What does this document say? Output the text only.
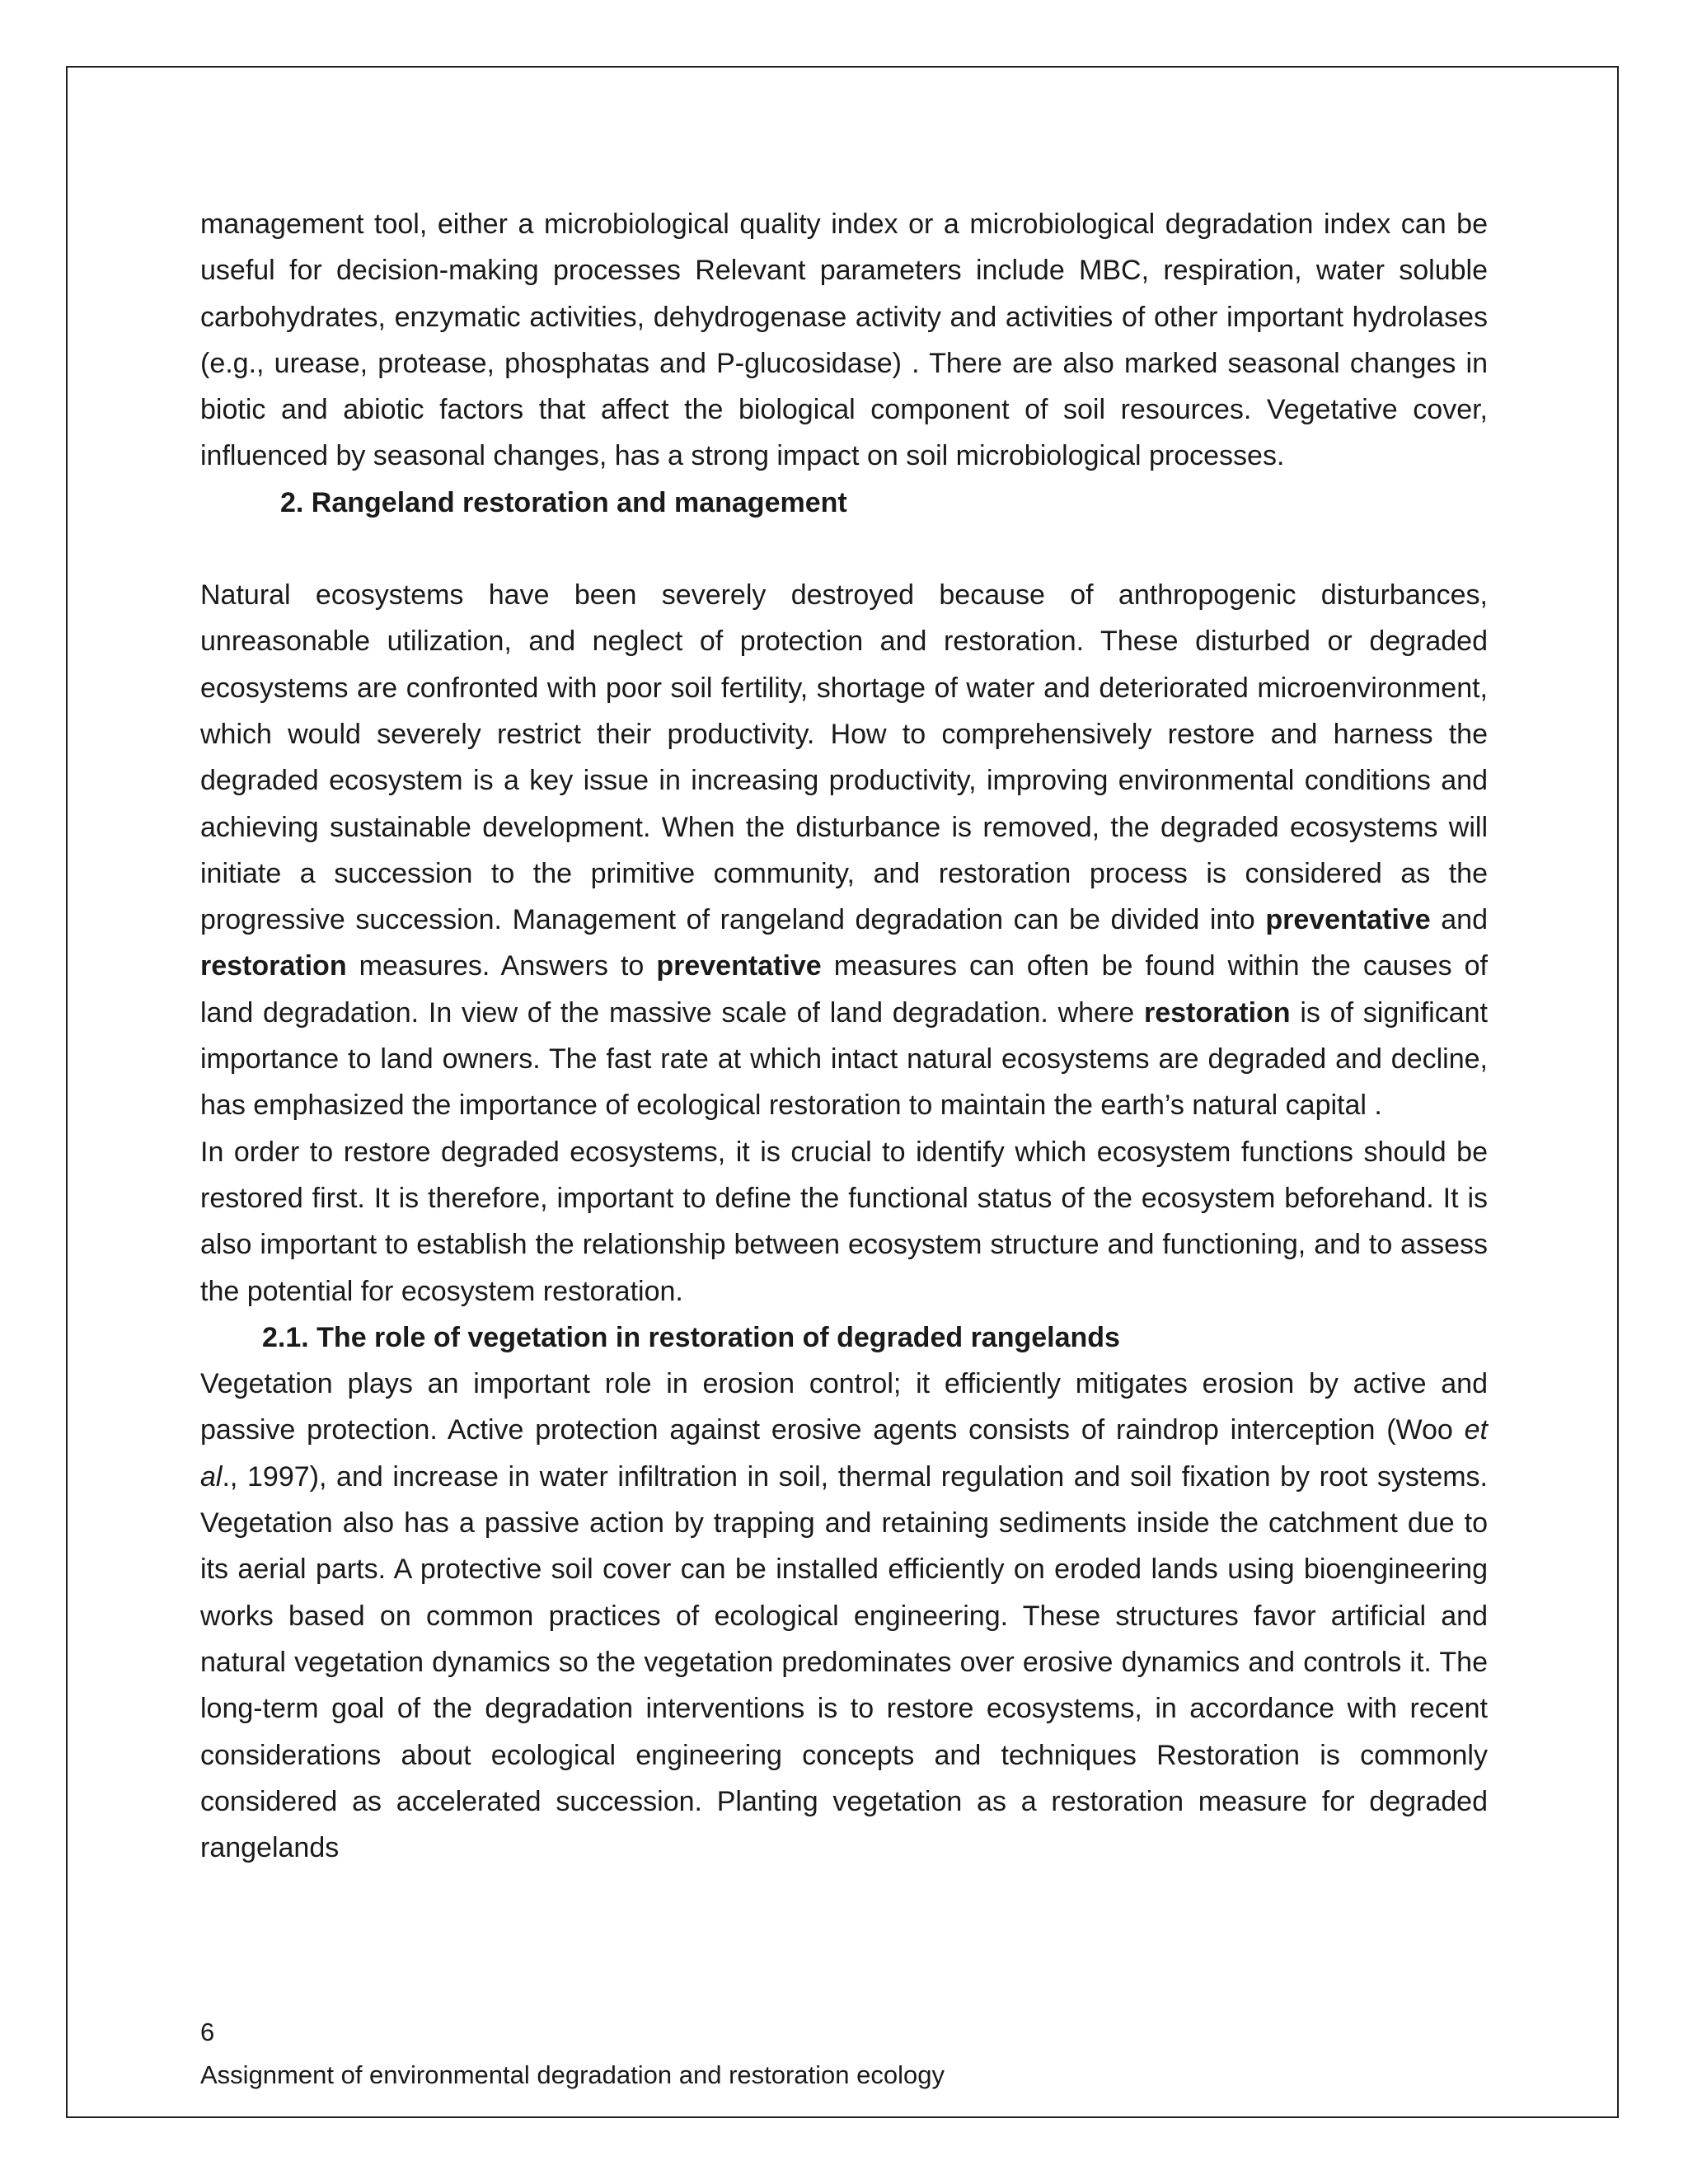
management tool, either a microbiological quality index or a microbiological degradation index can be useful for decision-making processes Relevant parameters include MBC, respiration, water soluble carbohydrates, enzymatic activities, dehydrogenase activity and activities of other important hydrolases (e.g., urease, protease, phosphatas and P-glucosidase) . There are also marked seasonal changes in biotic and abiotic factors that affect the biological component of soil resources. Vegetative cover, influenced by seasonal changes, has a strong impact on soil microbiological processes.

2. Rangeland restoration and management

Natural ecosystems have been severely destroyed because of anthropogenic disturbances, unreasonable utilization, and neglect of protection and restoration. These disturbed or degraded ecosystems are confronted with poor soil fertility, shortage of water and deteriorated microenvironment, which would severely restrict their productivity. How to comprehensively restore and harness the degraded ecosystem is a key issue in increasing productivity, improving environmental conditions and achieving sustainable development. When the disturbance is removed, the degraded ecosystems will initiate a succession to the primitive community, and restoration process is considered as the progressive succession. Management of rangeland degradation can be divided into preventative and restoration measures. Answers to preventative measures can often be found within the causes of land degradation. In view of the massive scale of land degradation. where restoration is of significant importance to land owners. The fast rate at which intact natural ecosystems are degraded and decline, has emphasized the importance of ecological restoration to maintain the earth’s natural capital .

In order to restore degraded ecosystems, it is crucial to identify which ecosystem functions should be restored first. It is therefore, important to define the functional status of the ecosystem beforehand. It is also important to establish the relationship between ecosystem structure and functioning, and to assess the potential for ecosystem restoration.

2.1. The role of vegetation in restoration of degraded rangelands

Vegetation plays an important role in erosion control; it efficiently mitigates erosion by active and passive protection. Active protection against erosive agents consists of raindrop interception (Woo et al., 1997), and increase in water infiltration in soil, thermal regulation and soil fixation by root systems. Vegetation also has a passive action by trapping and retaining sediments inside the catchment due to its aerial parts. A protective soil cover can be installed efficiently on eroded lands using bioengineering works based on common practices of ecological engineering. These structures favor artificial and natural vegetation dynamics so the vegetation predominates over erosive dynamics and controls it. The long-term goal of the degradation interventions is to restore ecosystems, in accordance with recent considerations about ecological engineering concepts and techniques Restoration is commonly considered as accelerated succession. Planting vegetation as a restoration measure for degraded rangelands

6
Assignment of environmental degradation and restoration ecology
